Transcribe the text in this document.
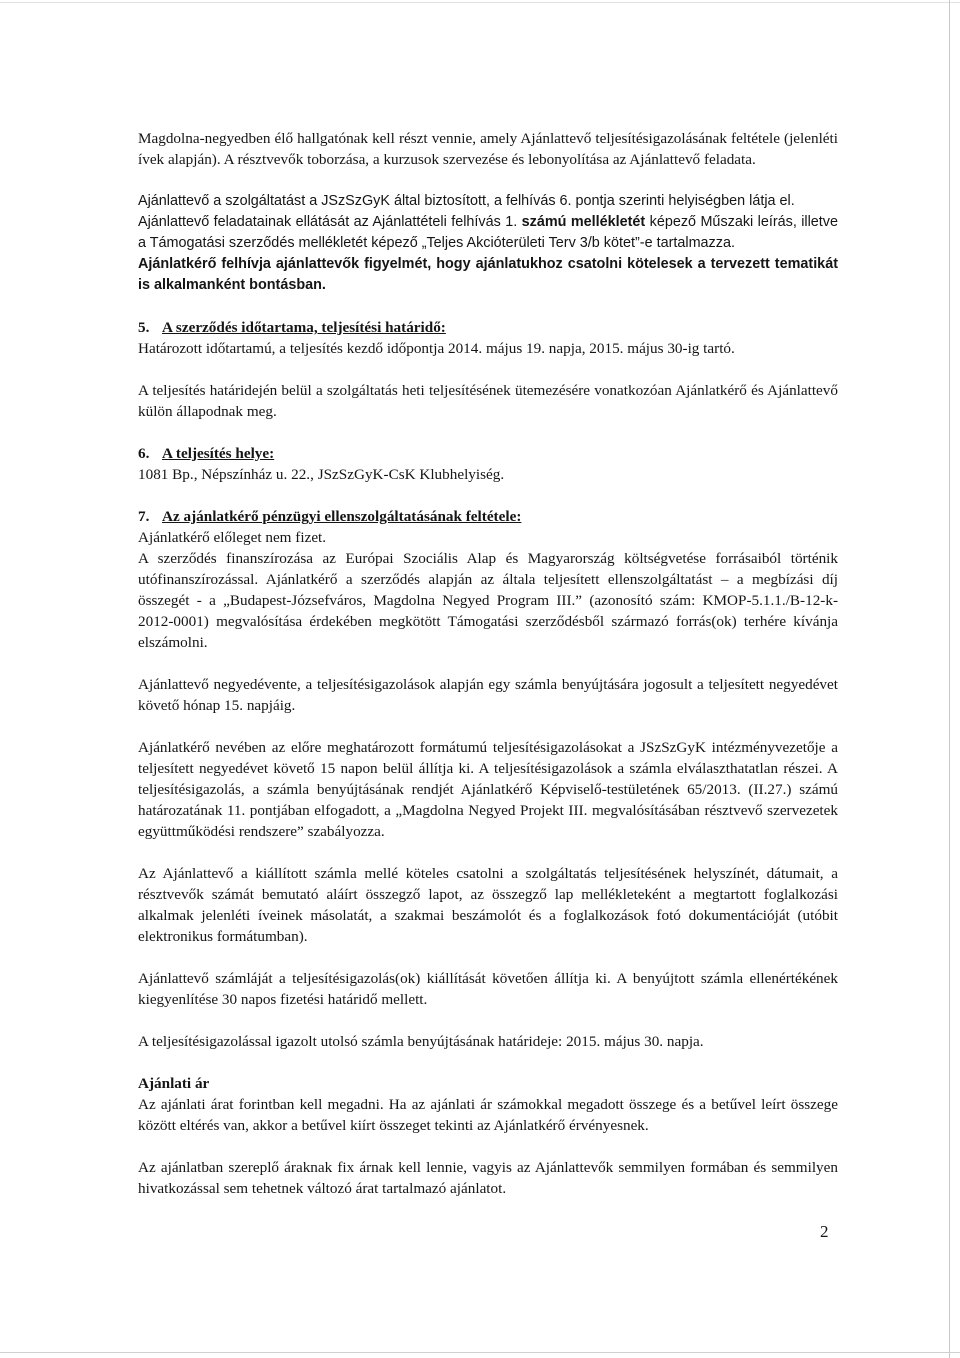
Magdolna-negyedben élő hallgatónak kell részt vennie, amely Ajánlattevő teljesítésigazolásának feltétele (jelenléti ívek alapján). A résztvevők toborzása, a kurzusok szervezése és lebonyolítása az Ajánlattevő feladata.

Ajánlattevő a szolgáltatást a JSzSzGyK által biztosított, a felhívás 6. pontja szerinti helyiségben látja el.

Ajánlattevő feladatainak ellátását az Ajánlattételi felhívás 1. számú mellékletét képező Műszaki leírás, illetve a Támogatási szerződés mellékletét képező „Teljes Akcióterületi Terv 3/b kötet”-e tartalmazza.

Ajánlatkérő felhívja ajánlattevők figyelmét, hogy ajánlatukhoz csatolni kötelesek a tervezett tematikát is alkalmanként bontásban.

5. A szerződés időtartama, teljesítési határidő:

Határozott időtartamú, a teljesítés kezdő időpontja 2014. május 19. napja, 2015. május 30-ig tartó.

A teljesítés határidején belül a szolgáltatás heti teljesítésének ütemezésére vonatkozóan Ajánlatkérő és Ajánlattevő külön állapodnak meg.

6. A teljesítés helye:

1081 Bp., Népszínház u. 22., JSzSzGyK-CsK Klubhelyiség.

7. Az ajánlatkérő pénzügyi ellenszolgáltatásának feltétele:

Ajánlatkérő előleget nem fizet.

A szerződés finanszírozása az Európai Szociális Alap és Magyarország költségvetése forrásaiból történik utófinanszírozással. Ajánlatkérő a szerződés alapján az általa teljesített ellenszolgáltatást – a megbízási díj összegét - a „Budapest-Józsefváros, Magdolna Negyed Program III.” (azonosító szám: KMOP-5.1.1./B-12-k-2012-0001) megvalósítása érdekében megkötött Támogatási szerződésből származó forrás(ok) terhére kívánja elszámolni.

Ajánlattevő negyedévente, a teljesítésigazolások alapján egy számla benyújtására jogosult a teljesített negyedévet követő hónap 15. napjáig.

Ajánlatkérő nevében az előre meghatározott formátumú teljesítésigazolásokat a JSzSzGyK intézményvezetője a teljesített negyedévet követő 15 napon belül állítja ki. A teljesítésigazolások a számla elválaszthatatlan részei. A teljesítésigazolás, a számla benyújtásának rendjét Ajánlatkérő Képviselő-testületének 65/2013. (II.27.) számú határozatának 11. pontjában elfogadott, a „Magdolna Negyed Projekt III. megvalósításában résztvevő szervezetek együttműködési rendszere” szabályozza.

Az Ajánlattevő a kiállított számla mellé köteles csatolni a szolgáltatás teljesítésének helyszínét, dátumait, a résztvevők számát bemutató aláírt összegző lapot, az összegző lap mellékleteként a megtartott foglalkozási alkalmak jelenléti íveinek másolatát, a szakmai beszámolót és a foglalkozások fotó dokumentációját (utóbit elektronikus formátumban).

Ajánlattevő számláját a teljesítésigazolás(ok) kiállítását követően állítja ki. A benyújtott számla ellenértékének kiegyenlítése 30 napos fizetési határidő mellett.

A teljesítésigazolással igazolt utolsó számla benyújtásának határideje: 2015. május 30. napja.

Ajánlati ár

Az ajánlati árat forintban kell megadni. Ha az ajánlati ár számokkal megadott összege és a betűvel leírt összege között eltérés van, akkor a betűvel kiírt összeget tekinti az Ajánlatkérő érvényesnek.

Az ajánlatban szereplő áraknak fix árnak kell lennie, vagyis az Ajánlattevők semmilyen formában és semmilyen hivatkozással sem tehetnek változó árat tartalmazó ajánlatot.

2
